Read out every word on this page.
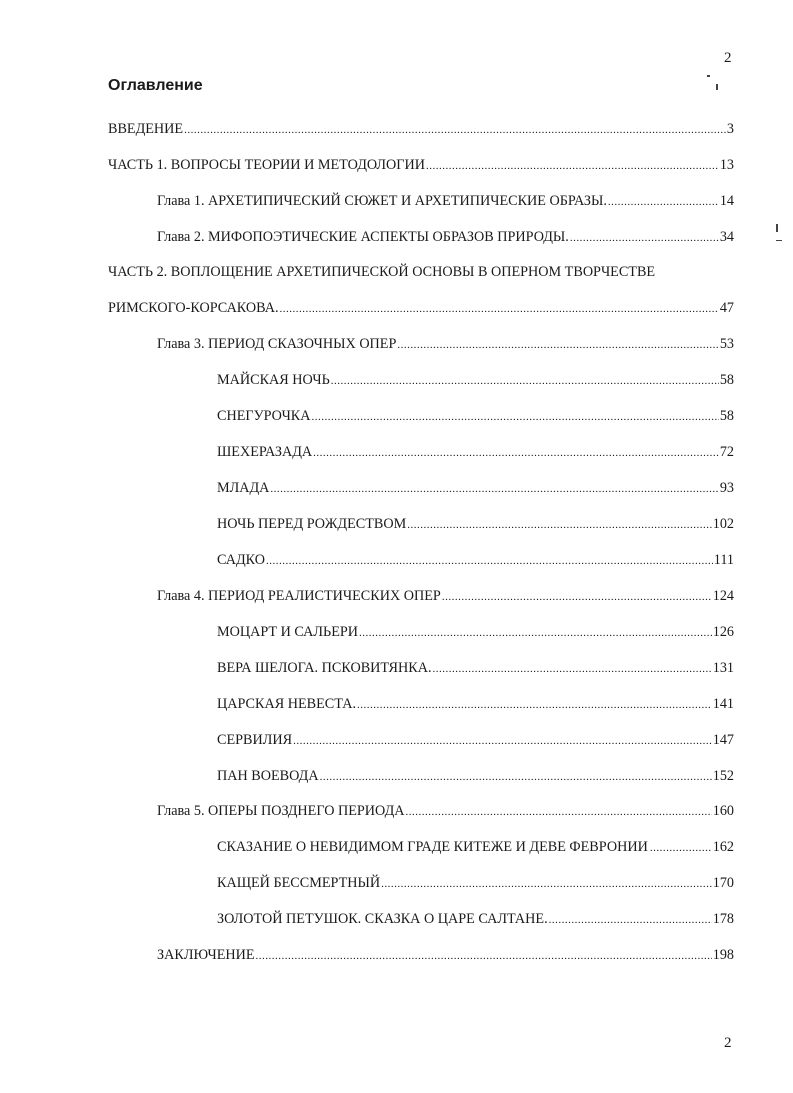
2
Оглавление
ВВЕДЕНИЕ .....	3
ЧАСТЬ 1. ВОПРОСЫ ТЕОРИИ И МЕТОДОЛОГИИ .....	13
Глава 1. АРХЕТИПИЧЕСКИЙ СЮЖЕТ И АРХЕТИПИЧЕСКИЕ ОБРАЗЫ. .....	14
Глава 2. МИФОПОЭТИЧЕСКИЕ АСПЕКТЫ ОБРАЗОВ ПРИРОДЫ. .....	34
ЧАСТЬ 2. ВОПЛОЩЕНИЕ АРХЕТИПИЧЕСКОЙ ОСНОВЫ В ОПЕРНОМ ТВОРЧЕСТВЕ
РИМСКОГО-КОРСАКОВА. .....	47
Глава 3. ПЕРИОД СКАЗОЧНЫХ ОПЕР .....	53
МАЙСКАЯ НОЧЬ .....	58
СНЕГУРОЧКА .....	58
ШЕХЕРАЗАДА .....	72
МЛАДА .....	93
НОЧЬ ПЕРЕД РОЖДЕСТВОМ .....	102
САДКО .....	111
Глава 4. ПЕРИОД РЕАЛИСТИЧЕСКИХ ОПЕР .....	124
МОЦАРТ И САЛЬЕРИ .....	126
ВЕРА ШЕЛОГА. ПСКОВИТЯНКА. .....	131
ЦАРСКАЯ НЕВЕСТА. .....	141
СЕРВИЛИЯ .....	147
ПАН ВОЕВОДА .....	152
Глава 5. ОПЕРЫ ПОЗДНЕГО ПЕРИОДА .....	160
СКАЗАНИЕ О НЕВИДИМОМ ГРАДЕ КИТЕЖЕ И ДЕВЕ ФЕВРОНИИ .....	162
КАЩЕЙ БЕССМЕРТНЫЙ .....	170
ЗОЛОТОЙ ПЕТУШОК. СКАЗКА О ЦАРЕ САЛТАНЕ. .....	178
ЗАКЛЮЧЕНИЕ .....	198
2
